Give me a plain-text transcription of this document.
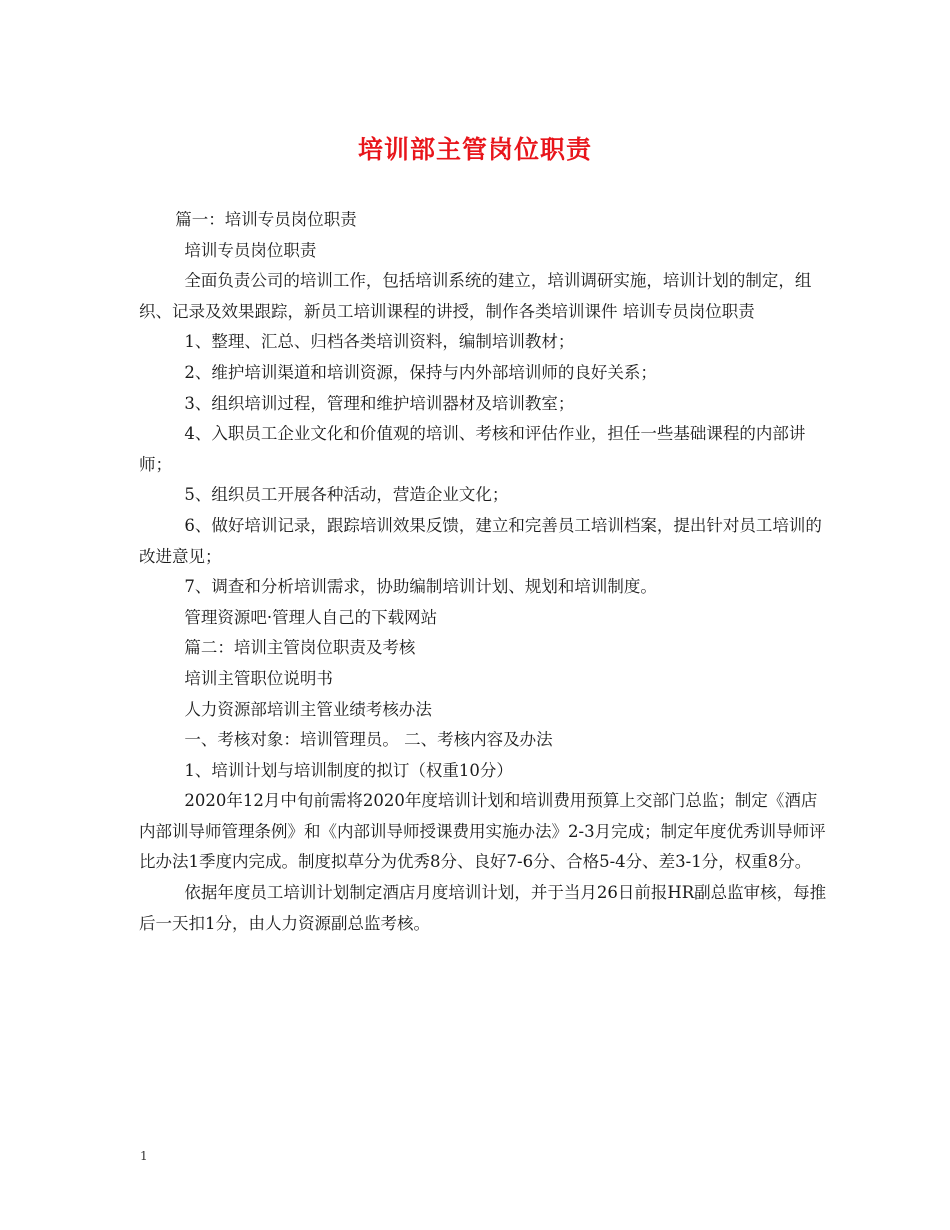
培训部主管岗位职责

篇一：培训专员岗位职责

培训专员岗位职责

全面负责公司的培训工作，包括培训系统的建立，培训调研实施，培训计划的制定，组织、记录及效果跟踪，新员工培训课程的讲授，制作各类培训课件 培训专员岗位职责

1、整理、汇总、归档各类培训资料，编制培训教材；

2、维护培训渠道和培训资源，保持与内外部培训师的良好关系；

3、组织培训过程，管理和维护培训器材及培训教室；

4、入职员工企业文化和价值观的培训、考核和评估作业，担任一些基础课程的内部讲师；

5、组织员工开展各种活动，营造企业文化；

6、做好培训记录，跟踪培训效果反馈，建立和完善员工培训档案，提出针对员工培训的改进意见；

7、调查和分析培训需求，协助编制培训计划、规划和培训制度。

管理资源吧·管理人自己的下载网站

篇二：培训主管岗位职责及考核

培训主管职位说明书

人力资源部培训主管业绩考核办法

一、考核对象：培训管理员。 二、考核内容及办法

1、培训计划与培训制度的拟订（权重10分）

2020年12月中旬前需将2020年度培训计划和培训费用预算上交部门总监；制定《酒店内部训导师管理条例》和《内部训导师授课费用实施办法》2-3月完成；制定年度优秀训导师评比办法1季度内完成。制度拟草分为优秀8分、良好7-6分、合格5-4分、差3-1分，权重8分。

依据年度员工培训计划制定酒店月度培训计划，并于当月26日前报HR副总监审核，每推后一天扣1分，由人力资源副总监考核。

1
